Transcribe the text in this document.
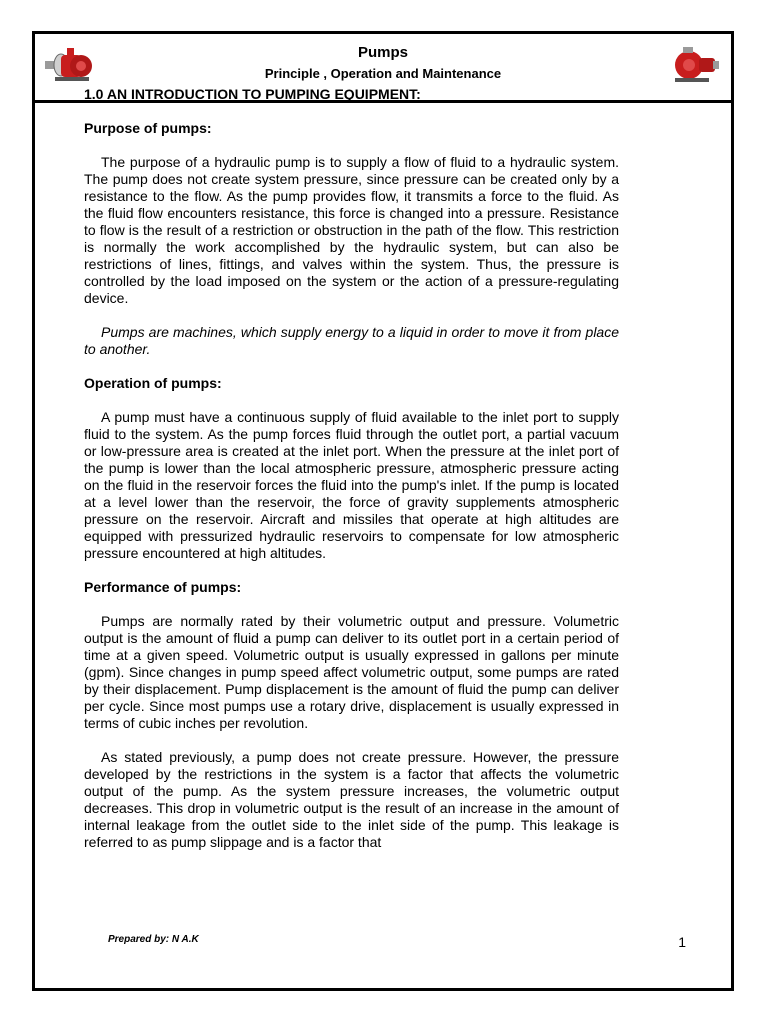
Pumps
Principle , Operation and Maintenance

1.0 AN INTRODUCTION TO PUMPING EQUIPMENT:

Purpose of pumps:

The purpose of a hydraulic pump is to supply a flow of fluid to a hydraulic system. The pump does not create system pressure, since pressure can be created only by a resistance to the flow. As the pump provides flow, it transmits a force to the fluid. As the fluid flow encounters resistance, this force is changed into a pressure. Resistance to flow is the result of a restriction or obstruction in the path of the flow. This restriction is normally the work accomplished by the hydraulic system, but can also be restrictions of lines, fittings, and valves within the system. Thus, the pressure is controlled by the load imposed on the system or the action of a pressure-regulating device.

Pumps are machines, which supply energy to a liquid in order to move it from place to another.

Operation of pumps:

A pump must have a continuous supply of fluid available to the inlet port to supply fluid to the system. As the pump forces fluid through the outlet port, a partial vacuum or low-pressure area is created at the inlet port. When the pressure at the inlet port of the pump is lower than the local atmospheric pressure, atmospheric pressure acting on the fluid in the reservoir forces the fluid into the pump's inlet. If the pump is located at a level lower than the reservoir, the force of gravity supplements atmospheric pressure on the reservoir. Aircraft and missiles that operate at high altitudes are equipped with pressurized hydraulic reservoirs to compensate for low atmospheric pressure encountered at high altitudes.

Performance of pumps:

Pumps are normally rated by their volumetric output and pressure. Volumetric output is the amount of fluid a pump can deliver to its outlet port in a certain period of time at a given speed. Volumetric output is usually expressed in gallons per minute (gpm). Since changes in pump speed affect volumetric output, some pumps are rated by their displacement. Pump displacement is the amount of fluid the pump can deliver per cycle. Since most pumps use a rotary drive, displacement is usually expressed in terms of cubic inches per revolution.

As stated previously, a pump does not create pressure. However, the pressure developed by the restrictions in the system is a factor that affects the volumetric output of the pump. As the system pressure increases, the volumetric output decreases. This drop in volumetric output is the result of an increase in the amount of internal leakage from the outlet side to the inlet side of the pump. This leakage is referred to as pump slippage and is a factor that

Prepared by: N A.K	1
